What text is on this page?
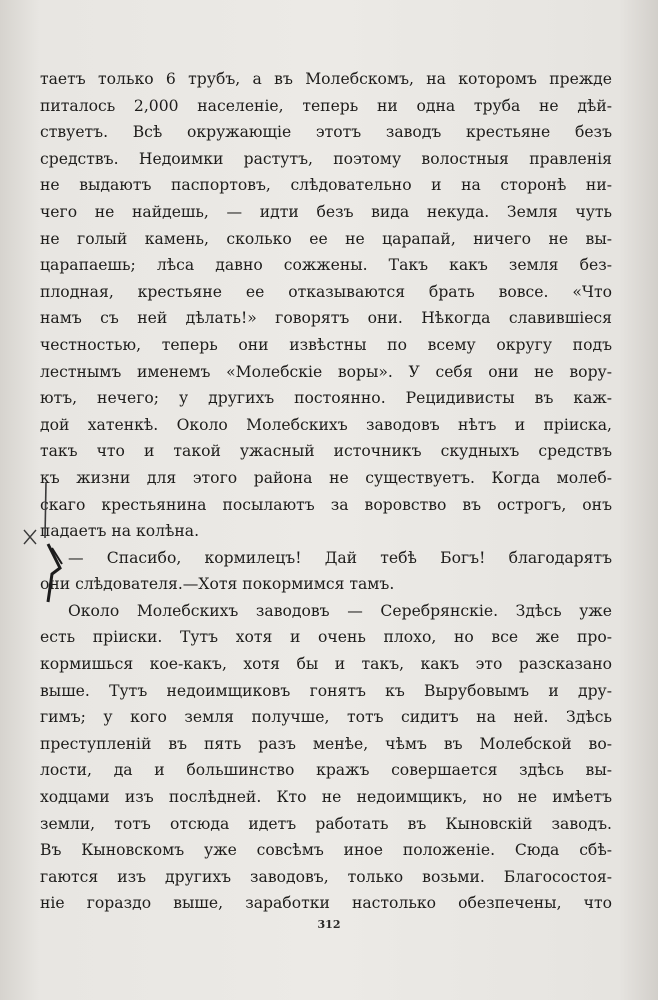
таетъ только 6 трубъ, а въ Молебскомъ, на которомъ прежде
питалось 2,000 населеніе, теперь ни одна труба не дѣй-
ствуетъ. Всѣ окружающіе этотъ заводъ крестьяне безъ
средствъ. Недоимки растутъ, поэтому волостныя правленія
не выдаютъ паспортовъ, слѣдовательно и на сторонѣ ни-
чего не найдешь, — идти безъ вида некуда. Земля чуть
не голый камень, сколько ее не царапай, ничего не вы-
царапаешь; лѣса давно сожжены. Такъ какъ земля без-
плодная, крестьяне ее отказываются брать вовсе. «Что
намъ съ ней дѣлать!» говорятъ они. Нѣкогда славившіеся
честностью, теперь они извѣстны по всему округу подъ
лестнымъ именемъ «Молебскіе воры». У себя они не вору-
ютъ, нечего; у другихъ постоянно. Рецидивисты въ каж-
дой хатенкѣ. Около Молебскихъ заводовъ нѣтъ и пріиска,
такъ что и такой ужасный источникъ скудныхъ средствъ
къ жизни для этого района не существуетъ. Когда молеб-
скаго крестьянина посылаютъ за воровство въ острогъ, онъ
падаетъ на колѣна.
— Спасибо, кормилецъ! Дай тебѣ Богъ! благодарятъ
они слѣдователя.—Хотя покормимся тамъ.
Около Молебскихъ заводовъ — Серебрянскіе. Здѣсь уже
есть пріиски. Тутъ хотя и очень плохо, но все же про-
кормишься кое-какъ, хотя бы и такъ, какъ это разсказано
выше. Тутъ недоимщиковъ гонятъ къ Вырубовымъ и дру-
гимъ; у кого земля получше, тотъ сидитъ на ней. Здѣсь
преступленій въ пять разъ менѣе, чѣмъ въ Молебской во-
лости, да и большинство кражъ совершается здѣсь вы-
ходцами изъ послѣдней. Кто не недоимщикъ, но не имѣетъ
земли, тотъ отсюда идетъ работать въ Кыновскій заводъ.
Въ Кыновскомъ уже совсѣмъ иное положеніе. Сюда сбѣ-
гаются изъ другихъ заводовъ, только возьми. Благосостоя-
ніе гораздо выше, заработки настолько обезпечены, что
312
